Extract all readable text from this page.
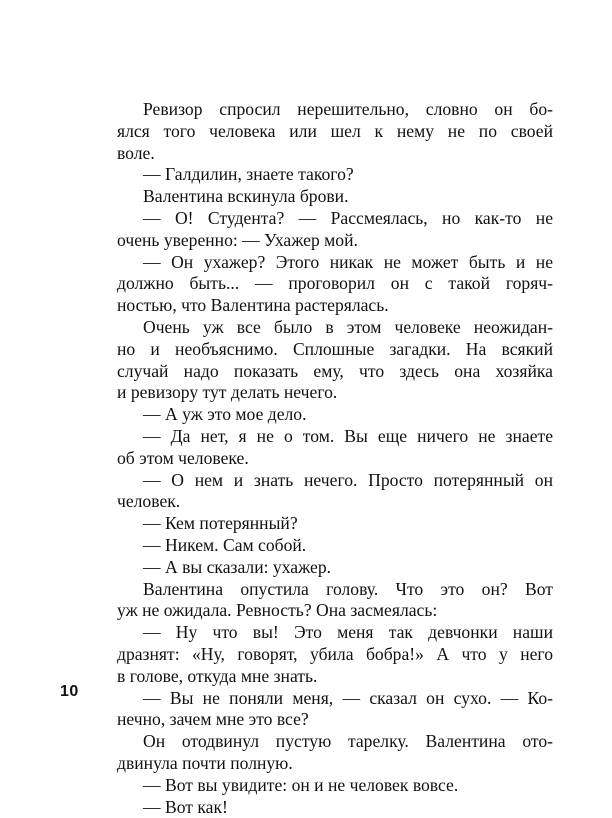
Ревизор спросил нерешительно, словно он бо-
ялся того человека или шел к нему не по своей
воле.
— Галдилин, знаете такого?
Валентина вскинула брови.
— О! Студента? — Рассмеялась, но как-то не
очень уверенно: — Ухажер мой.
— Он ухажер? Этого никак не может быть и не
должно быть... — проговорил он с такой горяч-
ностью, что Валентина растерялась.
Очень уж все было в этом человеке неожидан-
но и необъяснимо. Сплошные загадки. На всякий
случай надо показать ему, что здесь она хозяйка
и ревизору тут делать нечего.
— А уж это мое дело.
— Да нет, я не о том. Вы еще ничего не знаете
об этом человеке.
— О нем и знать нечего. Просто потерянный он
человек.
— Кем потерянный?
— Никем. Сам собой.
— А вы сказали: ухажер.
Валентина опустила голову. Что это он? Вот
уж не ожидала. Ревность? Она засмеялась:
— Ну что вы! Это меня так девчонки наши
дразнят: «Ну, говорят, убила бобра!» А что у него
в голове, откуда мне знать.
— Вы не поняли меня, — сказал он сухо. — Ко-
нечно, зачем мне это все?
Он отодвинул пустую тарелку. Валентина ото-
двинула почти полную.
— Вот вы увидите: он и не человек вовсе.
— Вот как!
10
